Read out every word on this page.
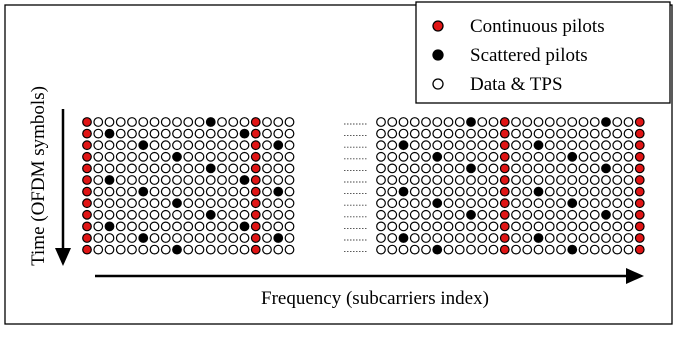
Continuous pilots
Scattered pilots
Data & TPS
Time (OFDM symbols)
Frequency (subcarriers index)
